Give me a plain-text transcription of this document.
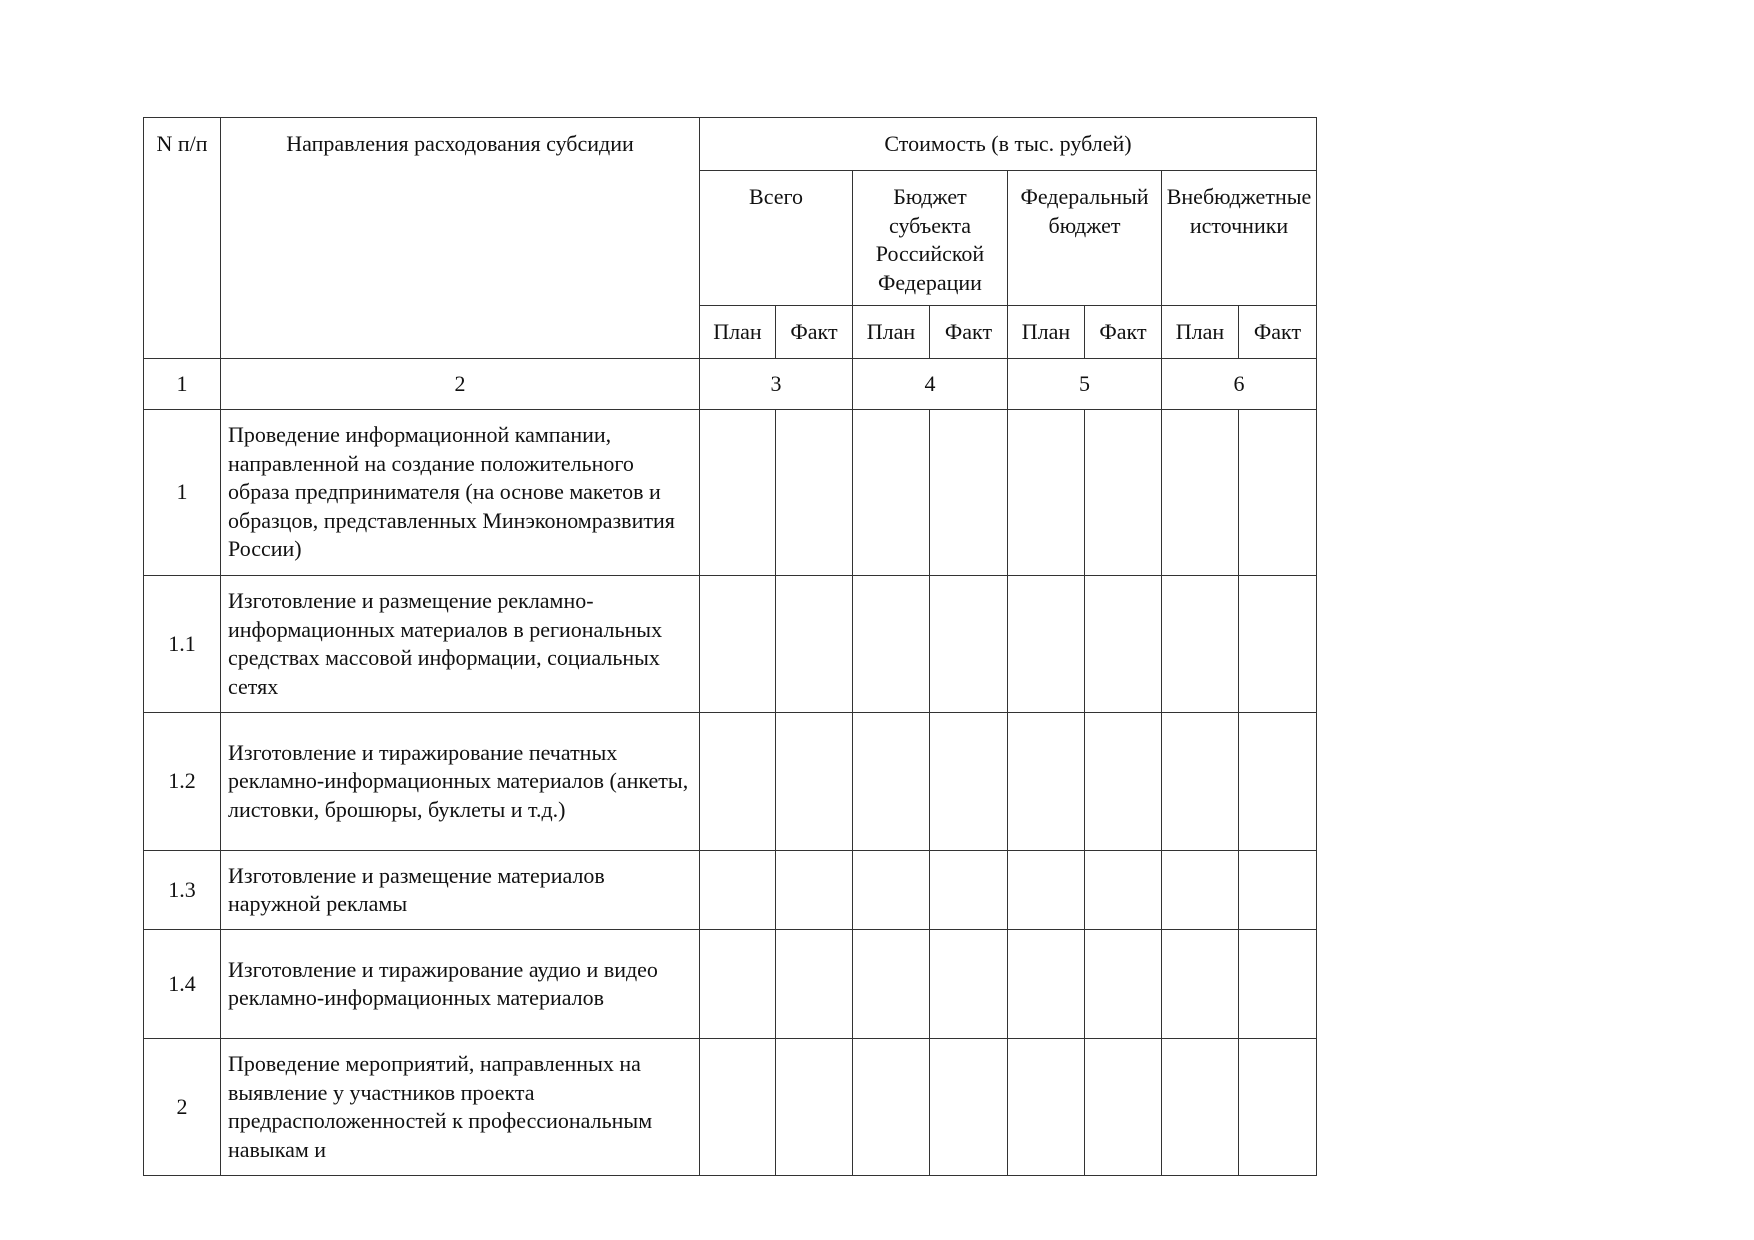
N п/п	Направления расходования субсидии	Стоимость (в тыс. рублей)							
		Всего		Бюджет субъекта Российской Федерации		Федеральный бюджет		Внебюджетные источники	
		План	Факт	План	Факт	План	Факт	План	Факт
1	2	3		4		5		6	
1	Проведение информационной кампании, направленной на создание положительного образа предпринимателя (на основе макетов и образцов, представленных Минэкономразвития России)								
1.1	Изготовление и размещение рекламно-информационных материалов в региональных средствах массовой информации, социальных сетях								
1.2	Изготовление и тиражирование печатных рекламно-информационных материалов (анкеты, листовки, брошюры, буклеты и т.д.)								
1.3	Изготовление и размещение материалов наружной рекламы								
1.4	Изготовление и тиражирование аудио и видео рекламно-информационных материалов								
2	Проведение мероприятий, направленных на выявление у участников проекта предрасположенностей к профессиональным навыкам и								
